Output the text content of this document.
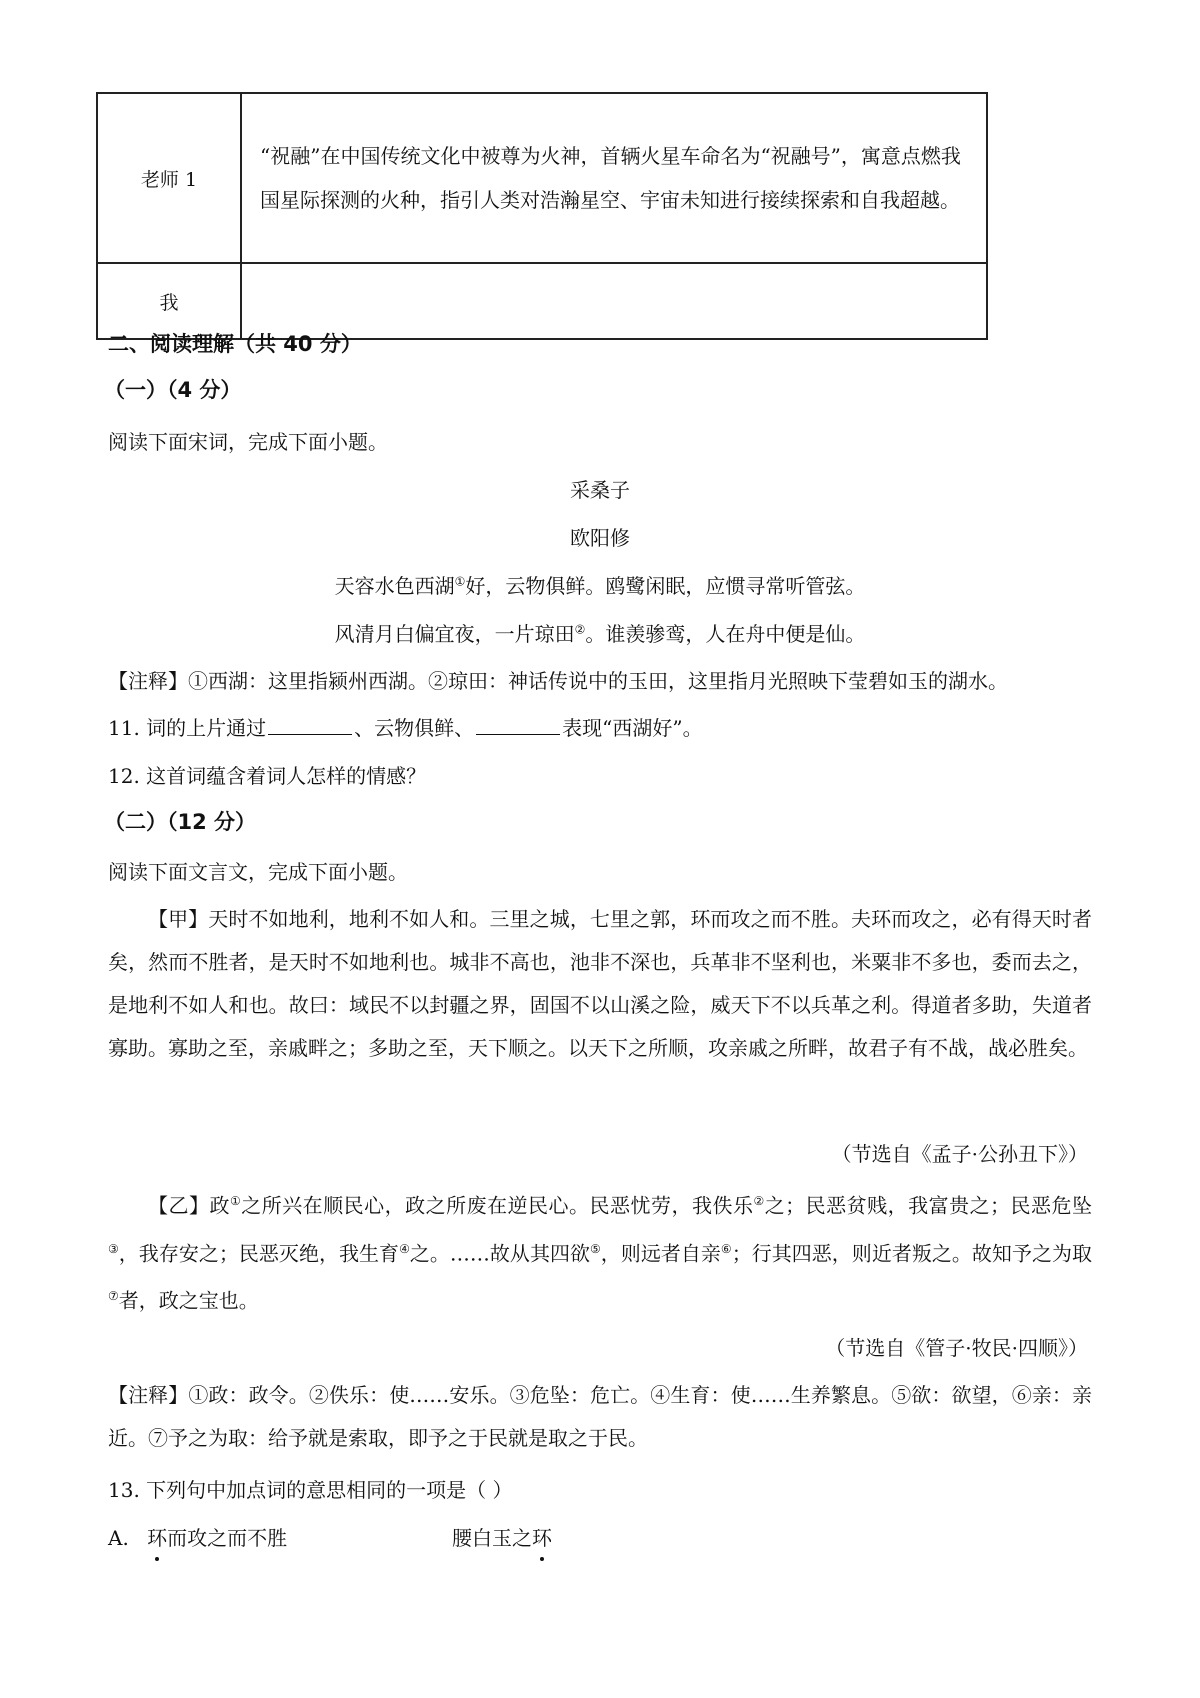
老师 1	“祝融”在中国传统文化中被尊为火神，首辆火星车命名为“祝融号”，寓意点燃我国星际探测的火种，指引人类对浩瀚星空、宇宙未知进行接续探索和自我超越。
我	
二、阅读理解（共 40 分）
（一）（4 分）
阅读下面宋词，完成下面小题。
采桑子
欧阳修
天容水色西湖①好，云物俱鲜。鸥鹭闲眠，应惯寻常听管弦。
风清月白偏宜夜，一片琼田②。谁羡骖鸾，人在舟中便是仙。
【注释】①西湖：这里指颍州西湖。②琼田：神话传说中的玉田，这里指月光照映下莹碧如玉的湖水。
11. 词的上片通过	、云物俱鲜、	表现“西湖好”。
12. 这首词蕴含着词人怎样的情感？
（二）（12 分）
阅读下面文言文，完成下面小题。
【甲】天时不如地利，地利不如人和。三里之城，七里之郭，环而攻之而不胜。夫环而攻之，必有得天时者矣，然而不胜者，是天时不如地利也。城非不高也，池非不深也，兵革非不坚利也，米粟非不多也，委而去之，是地利不如人和也。故曰：域民不以封疆之界，固国不以山溪之险，威天下不以兵革之利。得道者多助，失道者寡助。寡助之至，亲戚畔之；多助之至，天下顺之。以天下之所顺，攻亲戚之所畔，故君子有不战，战必胜矣。
（节选自《孟子·公孙丑下》）
【乙】政①之所兴在顺民心，政之所废在逆民心。民恶忧劳，我佚乐②之；民恶贫贱，我富贵之；民恶危坠③，我存安之；民恶灭绝，我生育④之。……故从其四欲⑤，则远者自亲⑥；行其四恶，则近者叛之。故知予之为取⑦者，政之宝也。
（节选自《管子·牧民·四顺》）
【注释】①政：政令。②佚乐：使……安乐。③危坠：危亡。④生育：使……生养繁息。⑤欲：欲望，⑥亲：亲近。⑦予之为取：给予就是索取，即予之于民就是取之于民。
13. 下列句中加点词的意思相同的一项是（ ）
A. 环而攻之而不胜	腰白玉之环
